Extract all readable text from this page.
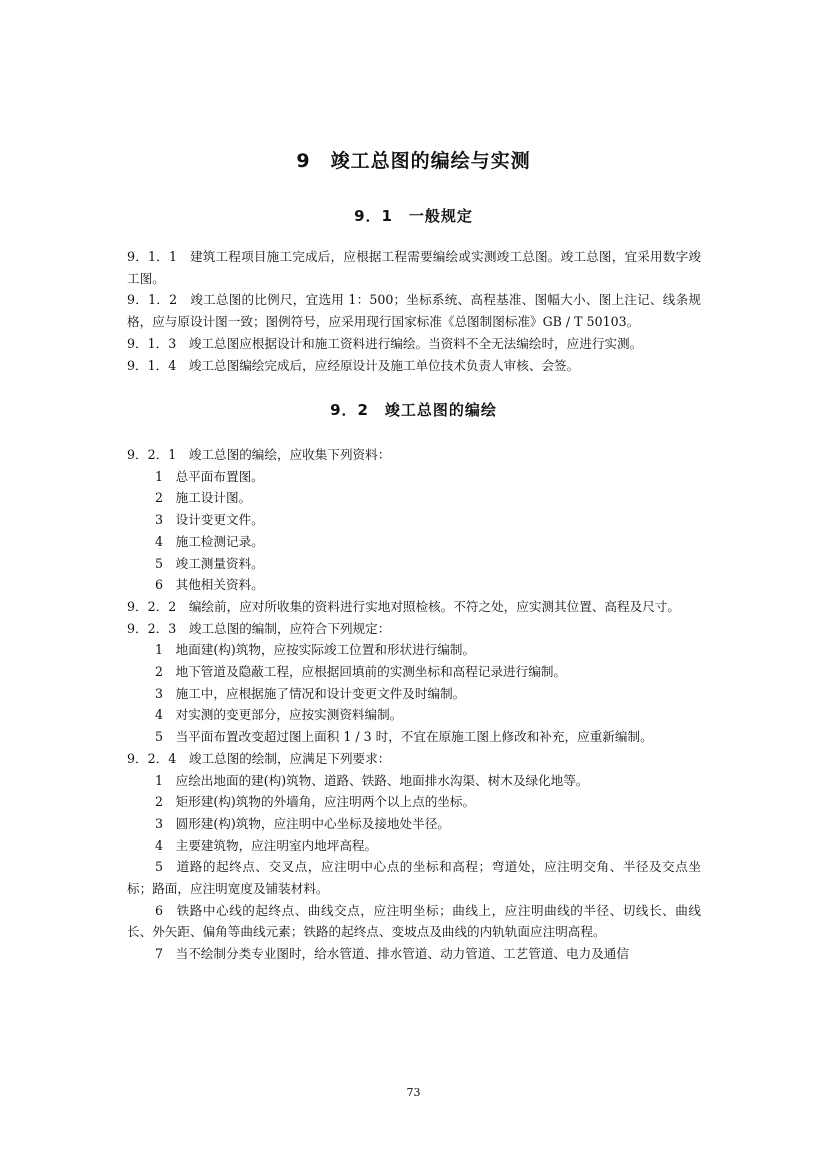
9　竣工总图的编绘与实测
9．1　一般规定

9．1．1　建筑工程项目施工完成后，应根据工程需要编绘或实测竣工总图。竣工总图，宜采用数字竣工图。

9．1．2　竣工总图的比例尺，宜选用 1：500；坐标系统、高程基准、图幅大小、图上注记、线条规格，应与原设计图一致；图例符号，应采用现行国家标准《总图制图标准》GB / T 50103。

9．1．3　竣工总图应根据设计和施工资料进行编绘。当资料不全无法编绘时，应进行实测。

9．1．4　竣工总图编绘完成后，应经原设计及施工单位技术负责人审核、会签。

9．2　竣工总图的编绘

9．2．1　竣工总图的编绘，应收集下列资料：

1　总平面布置图。

2　施工设计图。

3　设计变更文件。

4　施工检测记录。

5　竣工测量资料。

6　其他相关资料。

9．2．2　编绘前，应对所收集的资料进行实地对照检核。不符之处，应实测其位置、高程及尺寸。

9．2．3　竣工总图的编制，应符合下列规定：

1　地面建(构)筑物，应按实际竣工位置和形状进行编制。

2　地下管道及隐蔽工程，应根据回填前的实测坐标和高程记录进行编制。

3　施工中，应根据施了情况和设计变更文件及时编制。

4　对实测的变更部分，应按实测资料编制。

5　当平面布置改变超过图上面积 1 / 3 时，不宜在原施工图上修改和补充，应重新编制。

9．2．4　竣工总图的绘制，应满足下列要求：

1　应绘出地面的建(构)筑物、道路、铁路、地面排水沟渠、树木及绿化地等。

2　矩形建(构)筑物的外墙角，应注明两个以上点的坐标。

3　圆形建(构)筑物，应注明中心坐标及接地处半径。

4　主要建筑物，应注明室内地坪高程。

5　道路的起终点、交叉点，应注明中心点的坐标和高程；弯道处，应注明交角、半径及交点坐标；路面，应注明宽度及铺装材料。

6　铁路中心线的起终点、曲线交点，应注明坐标；曲线上，应注明曲线的半径、切线长、曲线长、外矢距、偏角等曲线元素；铁路的起终点、变坡点及曲线的内轨轨面应注明高程。

7　当不绘制分类专业图时，给水管道、排水管道、动力管道、工艺管道、电力及通信

73
